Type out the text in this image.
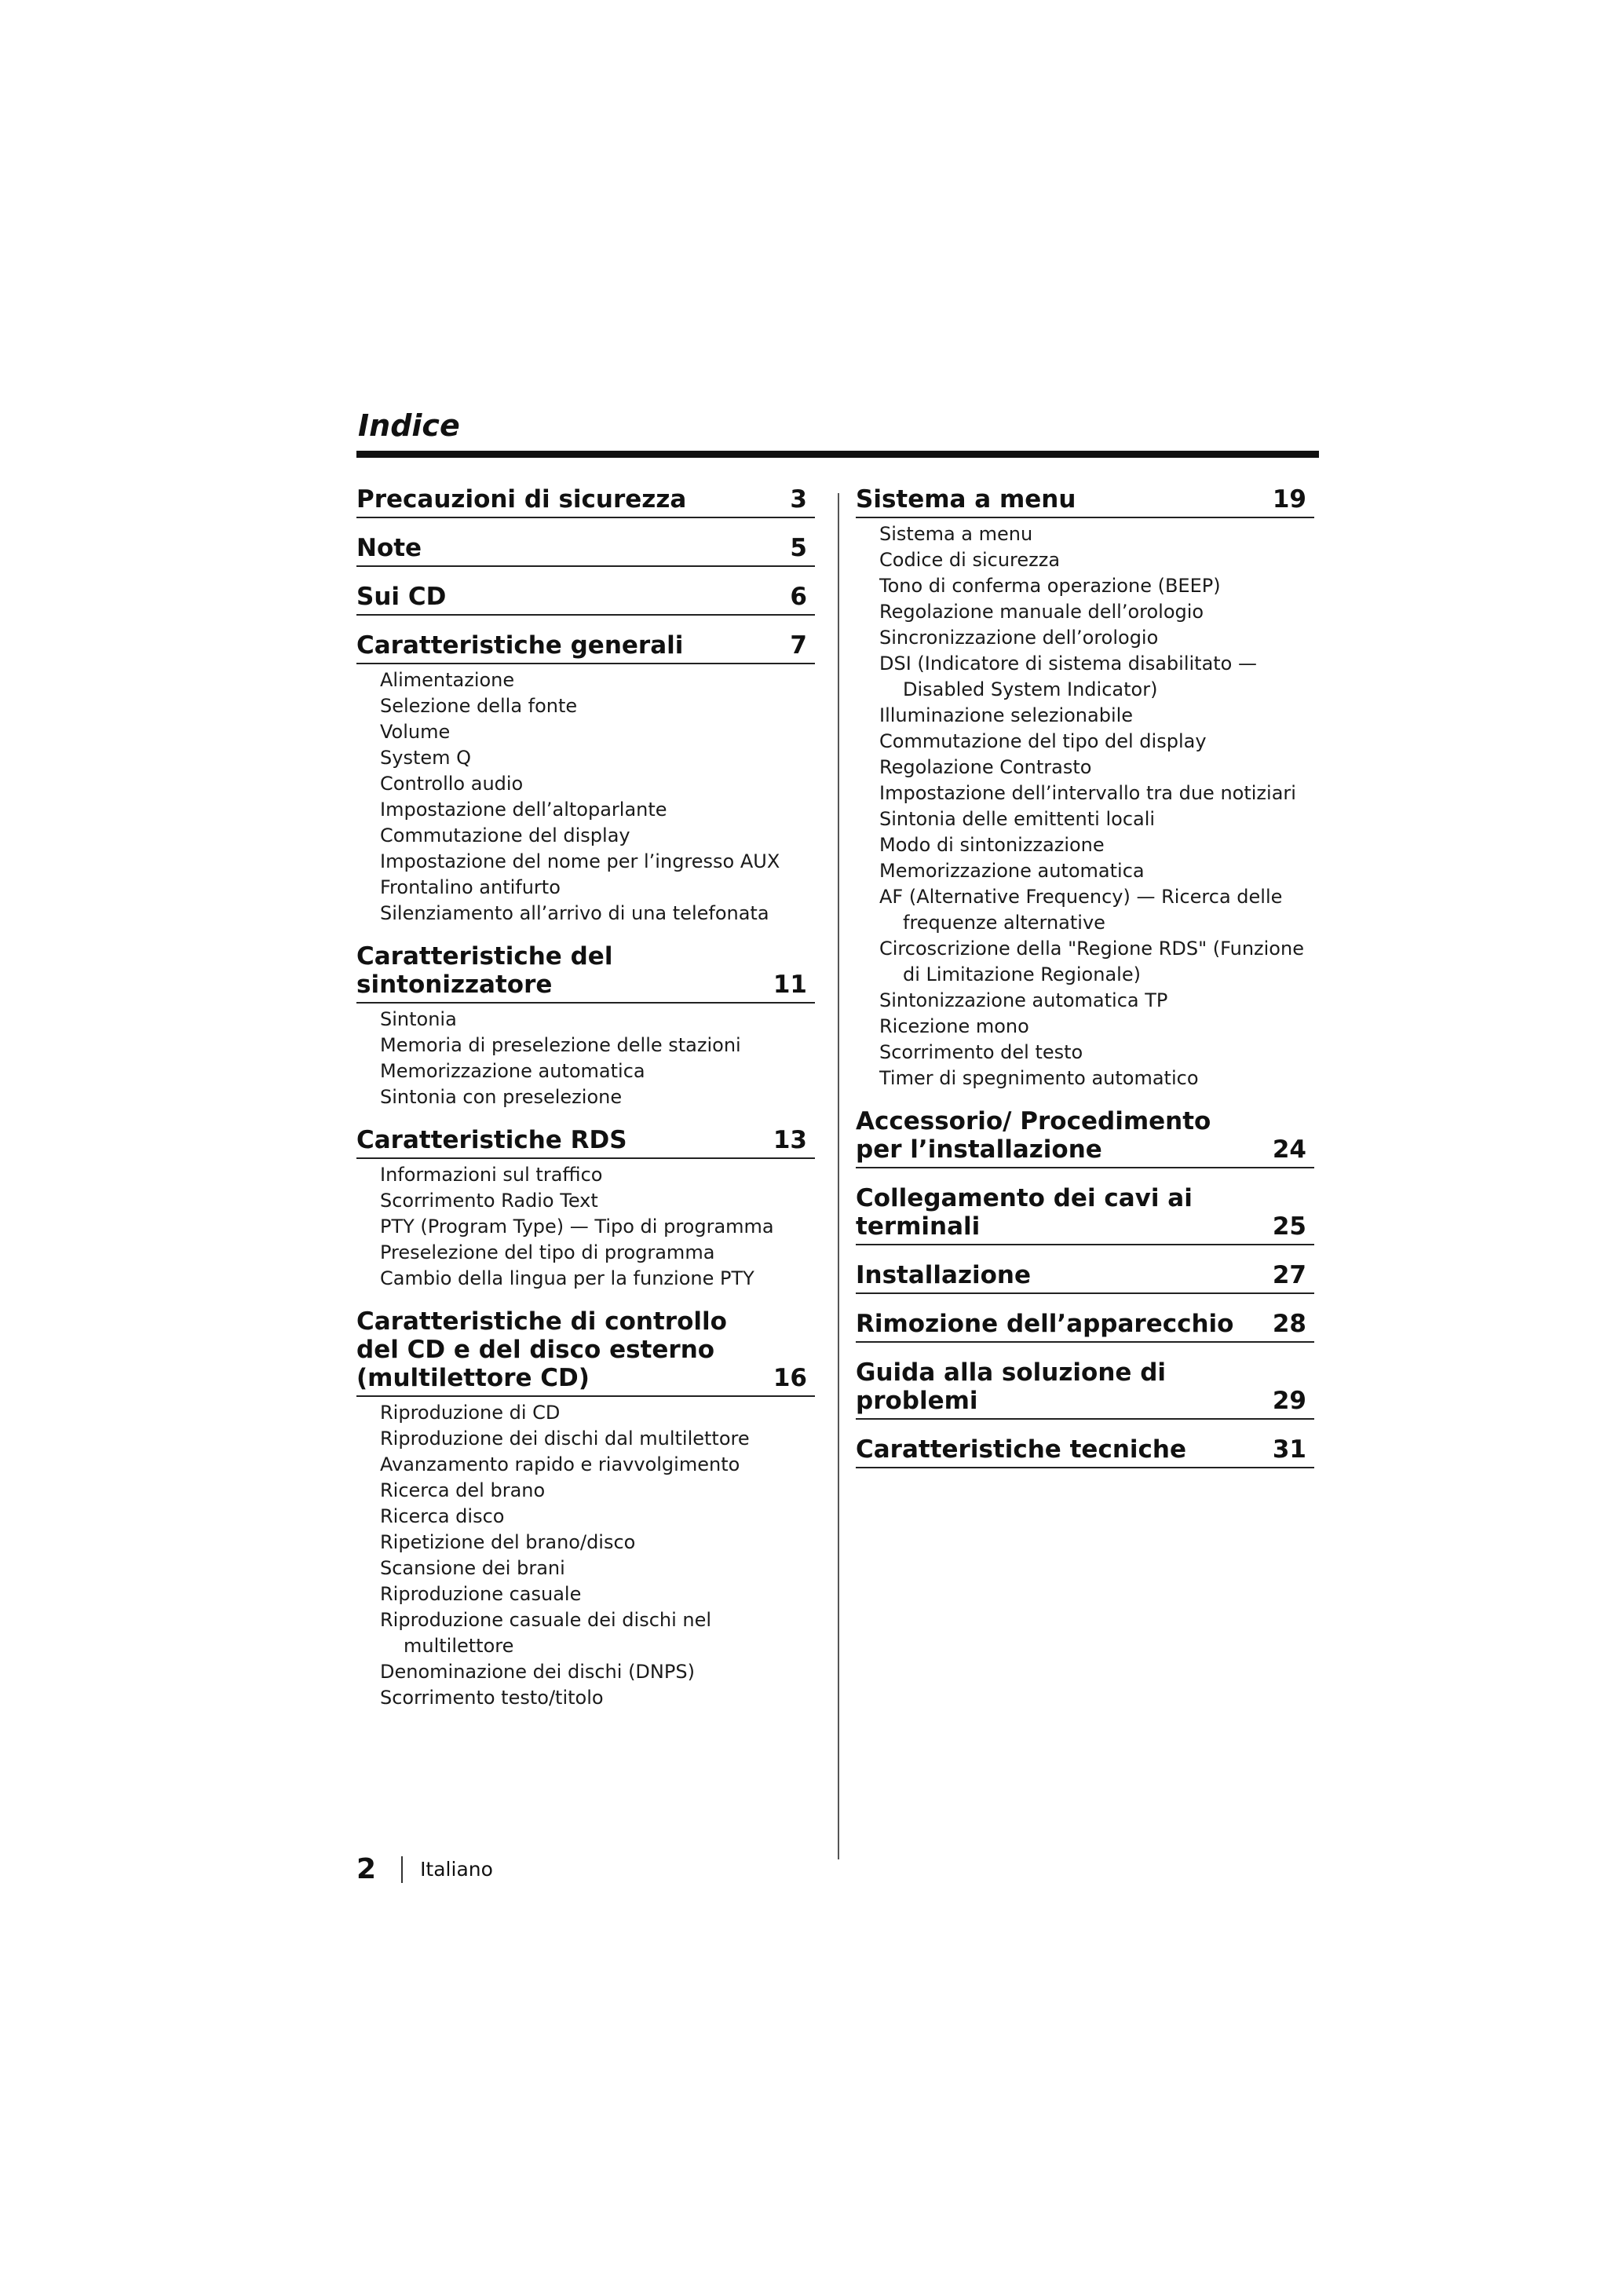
Indice
Precauzioni di sicurezza	3
Note	5
Sui CD	6
Caratteristiche generali	7
Alimentazione
Selezione della fonte
Volume
System Q
Controllo audio
Impostazione dell’altoparlante
Commutazione del display
Impostazione del nome per l’ingresso AUX
Frontalino antifurto
Silenziamento all’arrivo di una telefonata
Caratteristiche del sintonizzatore	11
Sintonia
Memoria di preselezione delle stazioni
Memorizzazione automatica
Sintonia con preselezione
Caratteristiche RDS	13
Informazioni sul traffico
Scorrimento Radio Text
PTY (Program Type) — Tipo di programma
Preselezione del tipo di programma
Cambio della lingua per la funzione PTY
Caratteristiche di controllo del CD e del disco esterno (multilettore CD)	16
Riproduzione di CD
Riproduzione dei dischi dal multilettore
Avanzamento rapido e riavvolgimento
Ricerca del brano
Ricerca disco
Ripetizione del brano/disco
Scansione dei brani
Riproduzione casuale
Riproduzione casuale dei dischi nel multilettore
Denominazione dei dischi (DNPS)
Scorrimento testo/titolo
Sistema a menu	19
Sistema a menu
Codice di sicurezza
Tono di conferma operazione (BEEP)
Regolazione manuale dell’orologio
Sincronizzazione dell’orologio
DSI (Indicatore di sistema disabilitato — Disabled System Indicator)
Illuminazione selezionabile
Commutazione del tipo del display
Regolazione Contrasto
Impostazione dell’intervallo tra due notiziari
Sintonia delle emittenti locali
Modo di sintonizzazione
Memorizzazione automatica
AF (Alternative Frequency) — Ricerca delle frequenze alternative
Circoscrizione della "Regione RDS" (Funzione di Limitazione Regionale)
Sintonizzazione automatica TP
Ricezione mono
Scorrimento del testo
Timer di spegnimento automatico
Accessorio/ Procedimento per l’installazione	24
Collegamento dei cavi ai terminali	25
Installazione	27
Rimozione dell’apparecchio	28
Guida alla soluzione di problemi	29
Caratteristiche tecniche	31
2 Italiano
